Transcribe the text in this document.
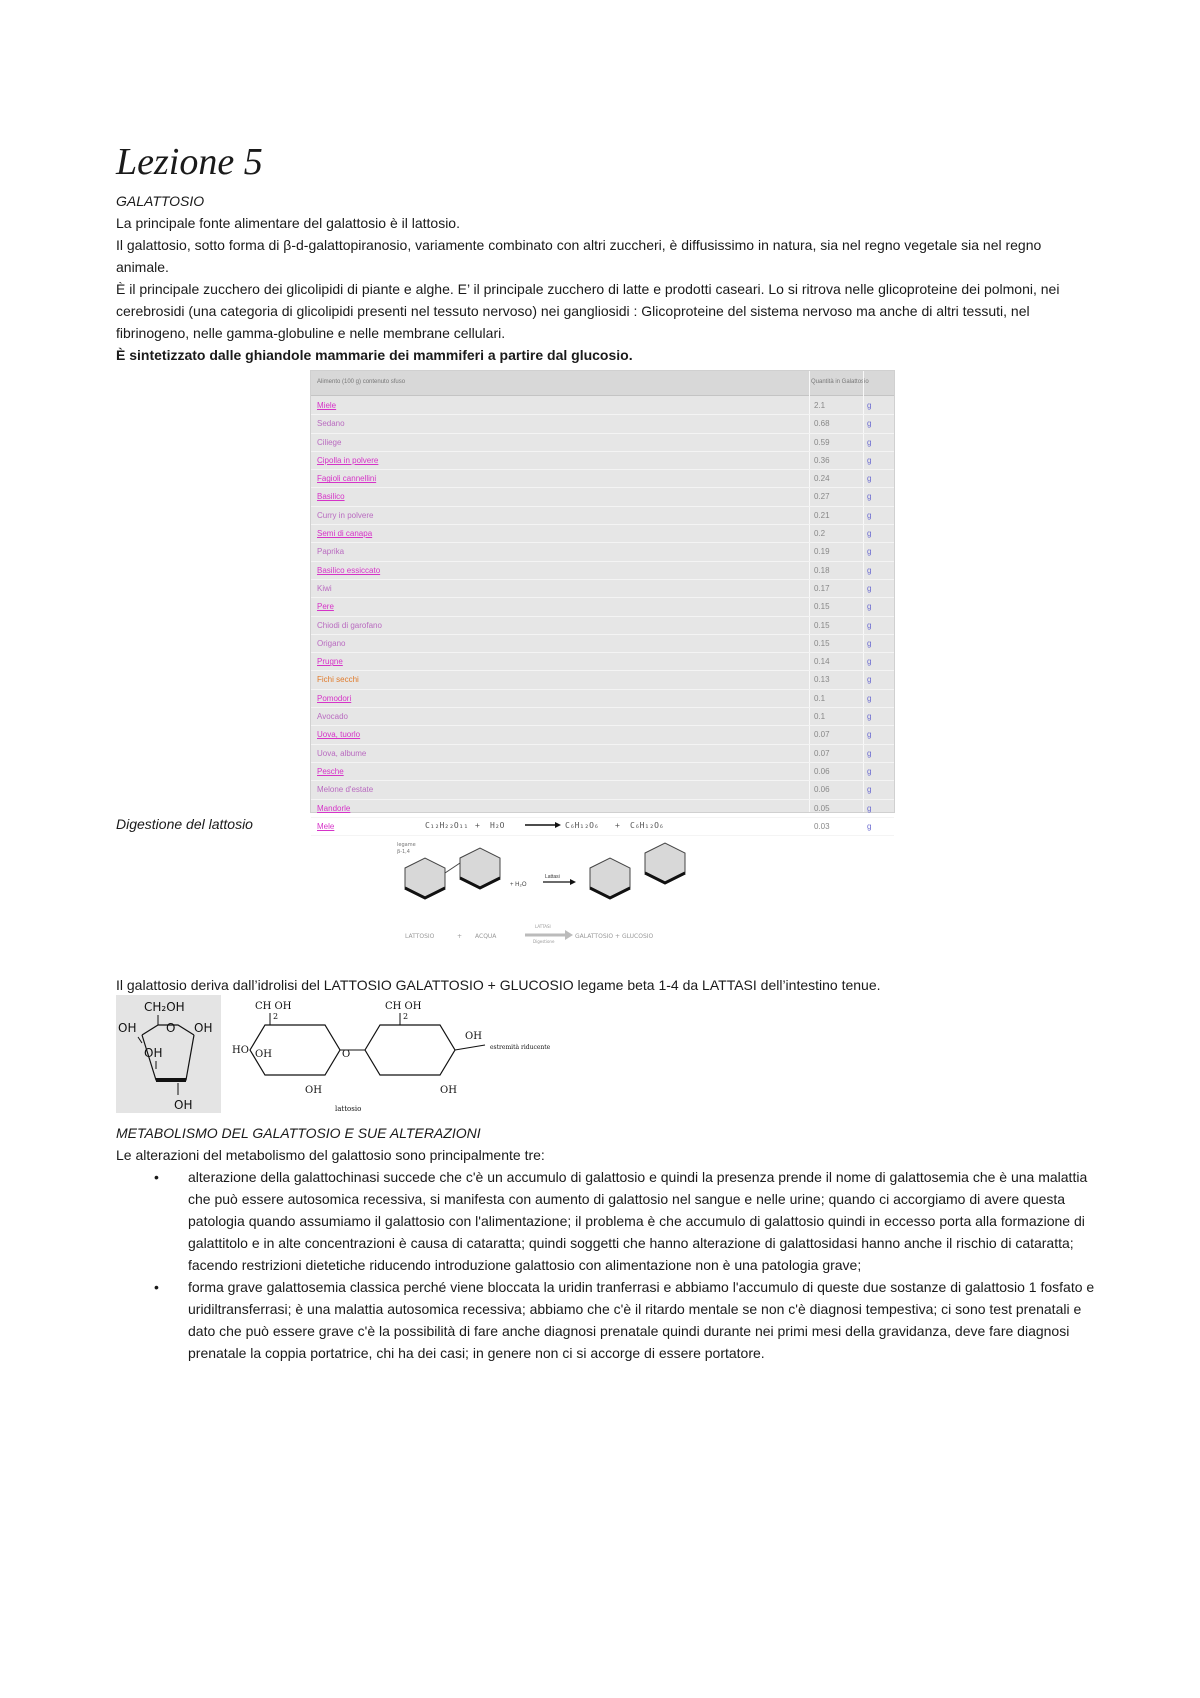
Lezione 5

GALATTOSIO

La principale fonte alimentare del galattosio è il lattosio.

Il galattosio, sotto forma di β-d-galattopiranosio, variamente combinato con altri zuccheri, è diffusissimo in natura, sia nel regno vegetale sia nel regno animale.

È il principale zucchero dei glicolipidi di piante e alghe. E’ il principale zucchero di latte e prodotti caseari. Lo si ritrova nelle glicoproteine dei polmoni, nei cerebrosidi (una categoria di glicolipidi presenti nel tessuto nervoso) nei gangliosidi : Glicoproteine del sistema nervoso ma anche di altri tessuti, nel fibrinogeno, nelle gamma-globuline e nelle membrane cellulari.

È sintetizzato dalle ghiandole mammarie dei mammiferi a partire dal glucosio.

Alimento (100 g) contenuto sfuso	Quantità in Galattosio
Miele	2.1	g
Sedano	0.68	g
Ciliege	0.59	g
Cipolla in polvere	0.36	g
Fagioli cannellini	0.24	g
Basilico	0.27	g
Curry in polvere	0.21	g
Semi di canapa	0.2	g
Paprika	0.19	g
Basilico essiccato	0.18	g
Kiwi	0.17	g
Pere	0.15	g
Chiodi di garofano	0.15	g
Origano	0.15	g
Prugne	0.14	g
Fichi secchi	0.13	g
Pomodori	0.1	g
Avocado	0.1	g
Uova, tuorlo	0.07	g
Uova, albume	0.07	g
Pesche	0.06	g
Melone d'estate	0.06	g
Mandorle	0.05	g
Mele	0.03	g
Digestione del lattosio	C₁₂H₂₂O₁₁ + H₂O	C₆H₁₂O₆ + C₆H₁₂O₆
legame
β-1,4
+ H₂O
Lattasi
LATTOSIO	+ ACQUA
LATTASI
Digestione
GALATTOSIO + GLUCOSIO
Il galattosio deriva dall’idrolisi del LATTOSIO GALATTOSIO + GLUCOSIO legame beta 1-4 da LATTASI dell’intestino tenue.
CH₂OH
OH O OH
OH
OH
CH OH
2
CH OH
2
HO OH
OH
O
OH
OH
lattosio
estremità riducente

METABOLISMO DEL GALATTOSIO E SUE ALTERAZIONI

Le alterazioni del metabolismo del galattosio sono principalmente tre:

• alterazione della galattochinasi succede che c'è un accumulo di galattosio e quindi la presenza prende il nome di galattosemia che è una malattia che può essere autosomica recessiva, si manifesta con aumento di galattosio nel sangue e nelle urine; quando ci accorgiamo di avere questa patologia quando assumiamo il galattosio con l'alimentazione; il problema è che accumulo di galattosio quindi in eccesso porta alla formazione di galattitolo e in alte concentrazioni è causa di cataratta; quindi soggetti che hanno alterazione di galattosidasi hanno anche il rischio di cataratta; facendo restrizioni dietetiche riducendo introduzione galattosio con alimentazione non è una patologia grave;
• forma grave galattosemia classica perché viene bloccata la uridin tranferrasi e abbiamo l'accumulo di queste due sostanze di galattosio 1 fosfato e uridiltransferrasi; è una malattia autosomica recessiva; abbiamo che c'è il ritardo mentale se non c'è diagnosi tempestiva; ci sono test prenatali e dato che può essere grave c'è la possibilità di fare anche diagnosi prenatale quindi durante nei primi mesi della gravidanza, deve fare diagnosi prenatale la coppia portatrice, chi ha dei casi; in genere non ci si accorge di essere portatore.
